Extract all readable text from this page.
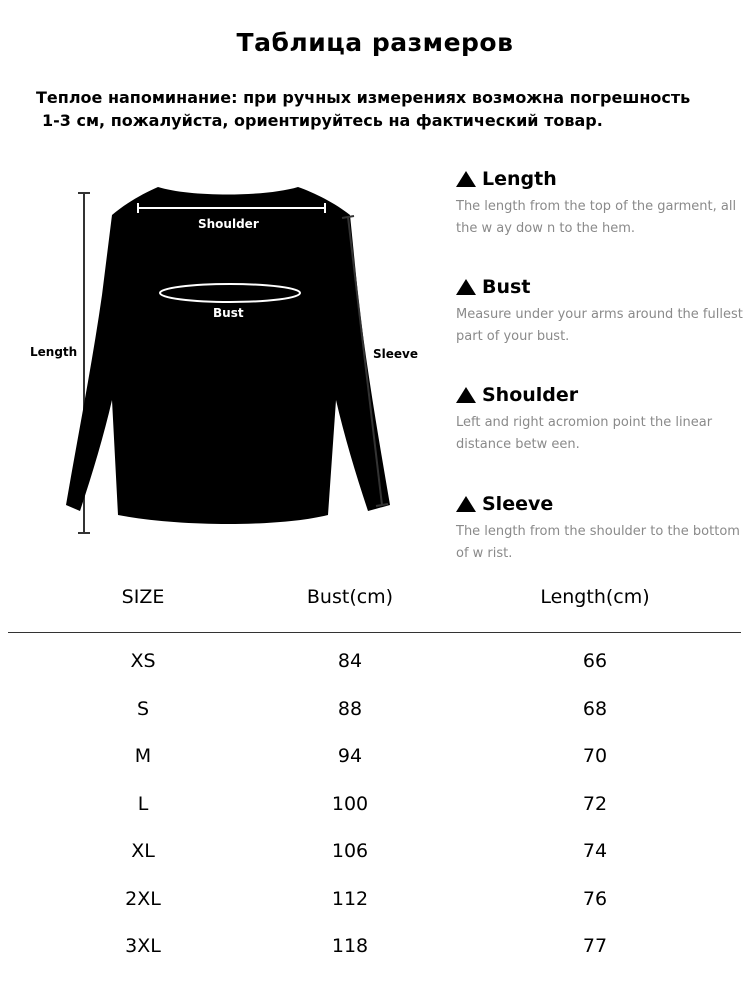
Таблица размеров
Теплое напоминание: при ручных измерениях возможна погрешность
1-3 см, пожалуйста, ориентируйтесь на фактический товар.
Shoulder
Bust
Length	Sleeve
Length
The length from the top of the garment, all the w ay dow n to the hem.
Bust
Measure under your arms around the fullest part of your bust.
Shoulder
Left and right acromion point the linear distance betw een.
Sleeve
The length from the shoulder to the bottom of w rist.
SIZE	Bust(cm)	Length(cm)
XS	84	66
S	88	68
M	94	70
L	100	72
XL	106	74
2XL	112	76
3XL	118	77
